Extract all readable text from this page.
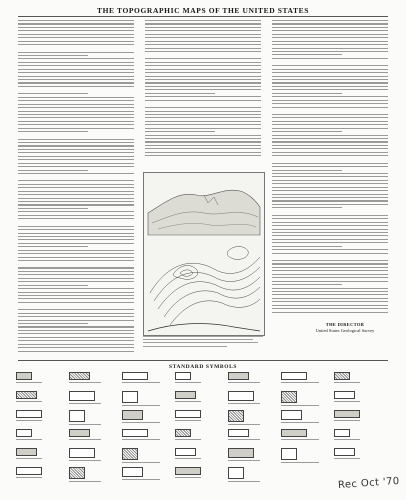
THE TOPOGRAPHIC MAPS OF THE UNITED STATES
THE DIRECTOR
United States Geological Survey
STANDARD SYMBOLS
Rec Oct '70
